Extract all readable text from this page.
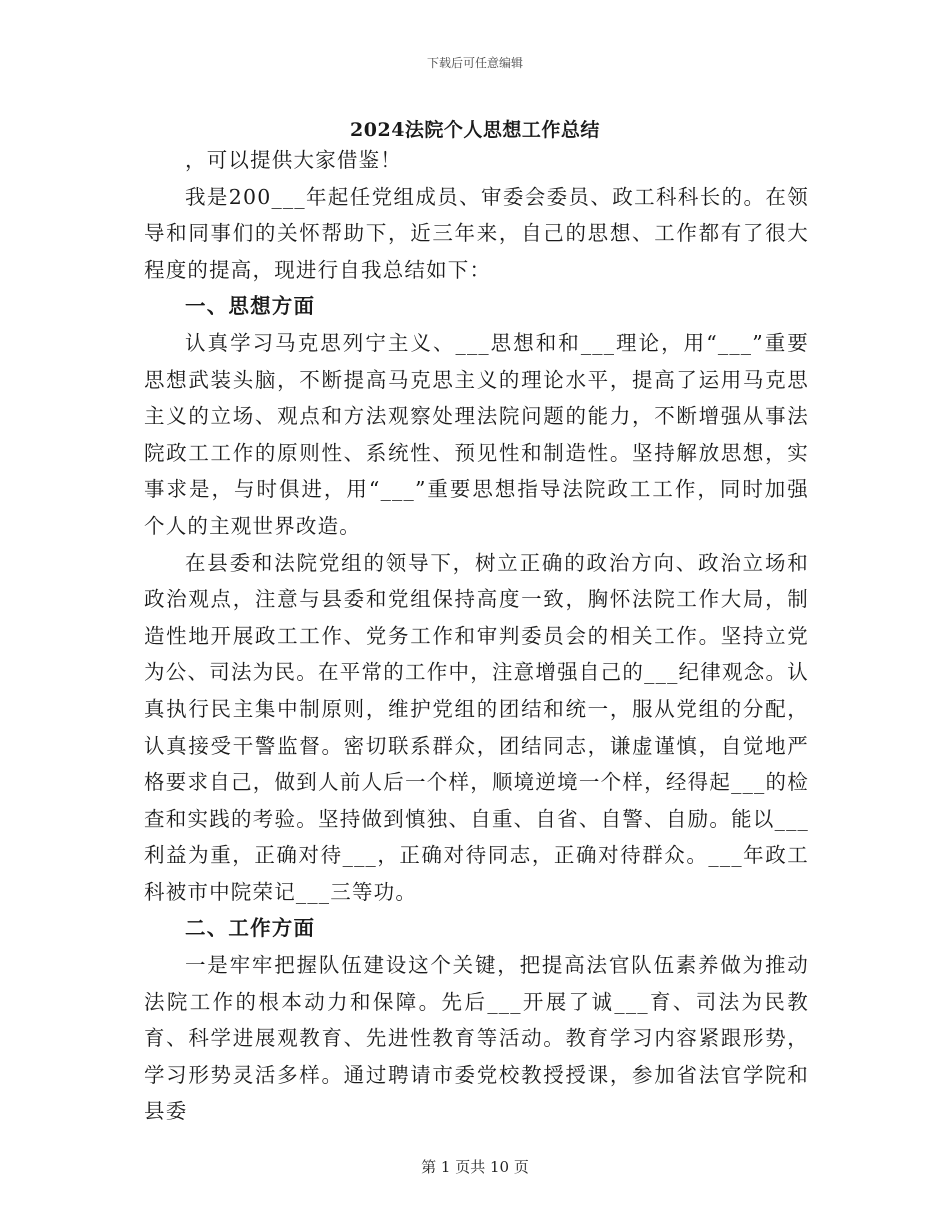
下载后可任意编辑
2024法院个人思想工作总结

，可以提供大家借鉴！

我是200___年起任党组成员、审委会委员、政工科科长的。在领导和同事们的关怀帮助下，近三年来，自己的思想、工作都有了很大程度的提高，现进行自我总结如下：

一、思想方面

认真学习马克思列宁主义、___思想和和___理论，用“___”重要思想武装头脑，不断提高马克思主义的理论水平，提高了运用马克思主义的立场、观点和方法观察处理法院问题的能力，不断增强从事法院政工工作的原则性、系统性、预见性和制造性。坚持解放思想，实事求是，与时俱进，用“___”重要思想指导法院政工工作，同时加强个人的主观世界改造。

在县委和法院党组的领导下，树立正确的政治方向、政治立场和政治观点，注意与县委和党组保持高度一致，胸怀法院工作大局，制造性地开展政工工作、党务工作和审判委员会的相关工作。坚持立党为公、司法为民。在平常的工作中，注意增强自己的___纪律观念。认真执行民主集中制原则，维护党组的团结和统一，服从党组的分配，认真接受干警监督。密切联系群众，团结同志，谦虚谨慎，自觉地严格要求自己，做到人前人后一个样，顺境逆境一个样，经得起___的检查和实践的考验。坚持做到慎独、自重、自省、自警、自励。能以___利益为重，正确对待___，正确对待同志，正确对待群众。___年政工科被市中院荣记___三等功。

二、工作方面

一是牢牢把握队伍建设这个关键，把提高法官队伍素养做为推动法院工作的根本动力和保障。先后___开展了诚___育、司法为民教育、科学进展观教育、先进性教育等活动。教育学习内容紧跟形势，学习形势灵活多样。通过聘请市委党校教授授课，参加省法官学院和县委

第 1 页共 10 页
